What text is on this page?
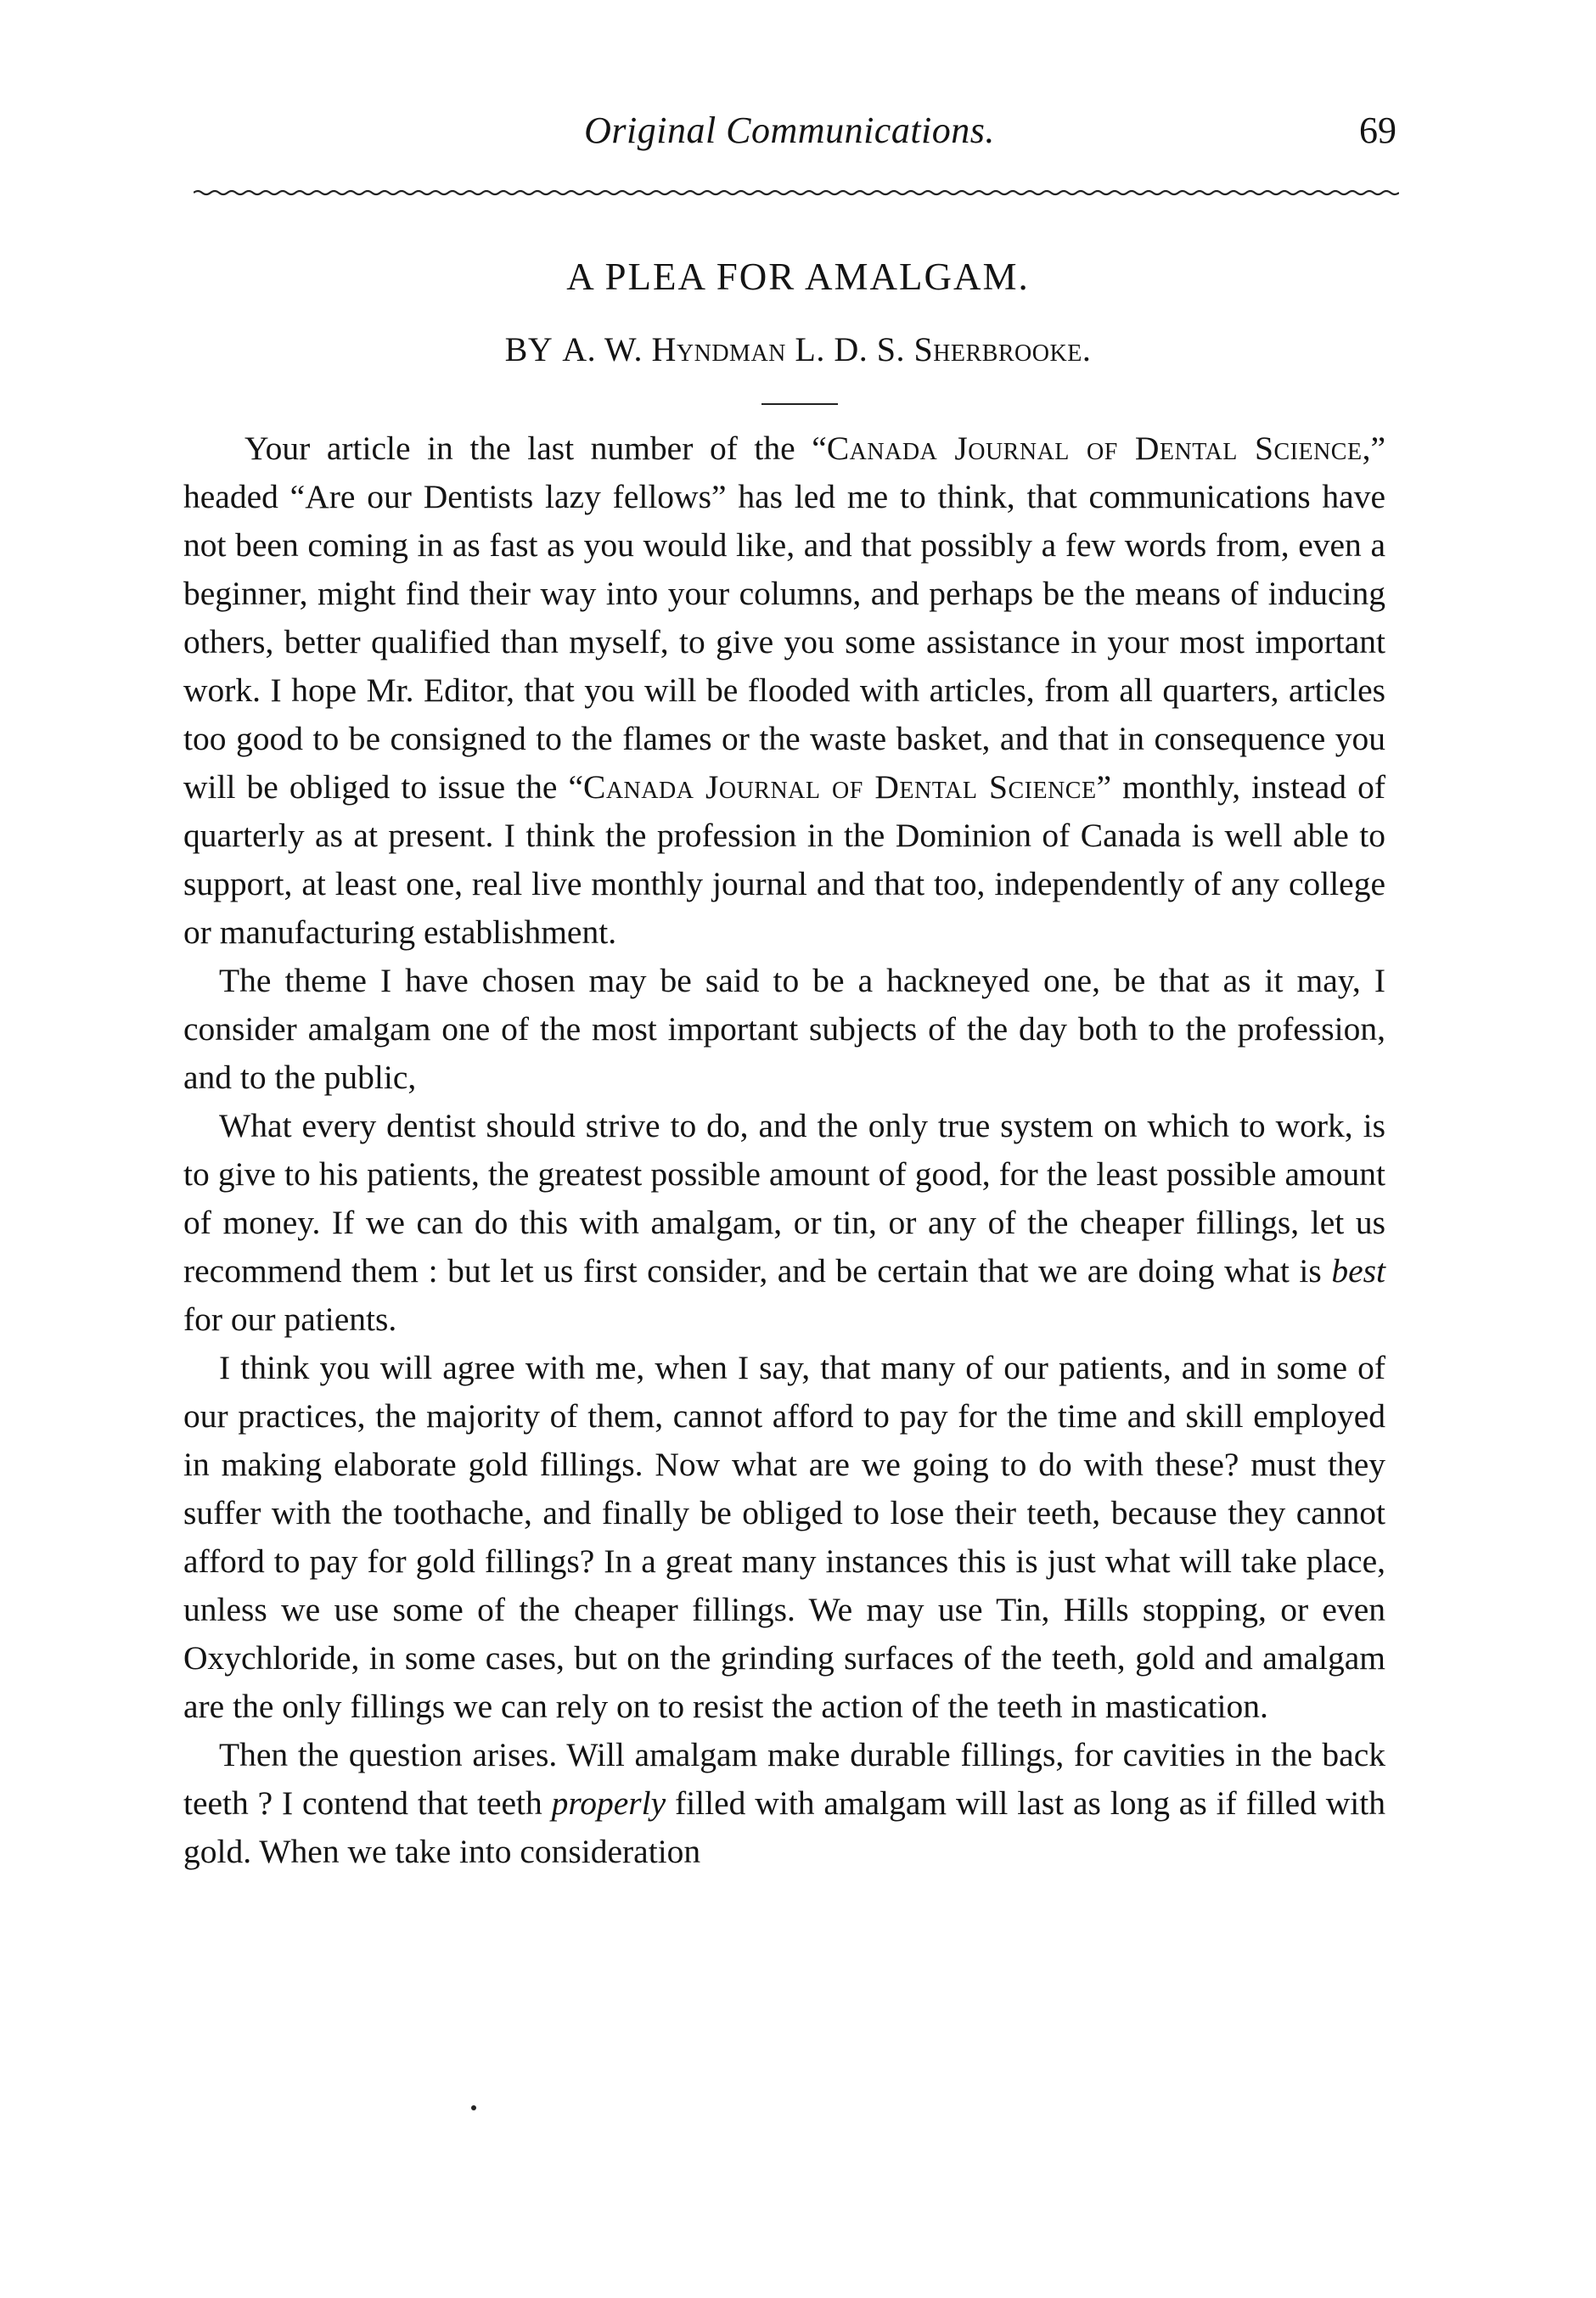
Original Communications.	69
A PLEA FOR AMALGAM.
BY A. W. Hyndman L. D. S. Sherbrooke.

Your article in the last number of the “Canada Journal of Dental Science,” headed “Are our Dentists lazy fellows” has led me to think, that communications have not been coming in as fast as you would like, and that possibly a few words from, even a beginner, might find their way into your columns, and perhaps be the means of inducing others, better qualified than myself, to give you some assistance in your most important work. I hope Mr. Editor, that you will be flooded with articles, from all quarters, articles too good to be consigned to the flames or the waste basket, and that in consequence you will be obliged to issue the “Canada Journal of Dental Science” monthly, instead of quarterly as at present. I think the profession in the Dominion of Canada is well able to support, at least one, real live monthly journal and that too, independently of any college or manufacturing establishment.

The theme I have chosen may be said to be a hackneyed one, be that as it may, I consider amalgam one of the most important subjects of the day both to the profession, and to the public,

What every dentist should strive to do, and the only true system on which to work, is to give to his patients, the greatest possible amount of good, for the least possible amount of money. If we can do this with amalgam, or tin, or any of the cheaper fillings, let us recommend them : but let us first consider, and be certain that we are doing what is best for our patients.

I think you will agree with me, when I say, that many of our patients, and in some of our practices, the majority of them, cannot afford to pay for the time and skill employed in making elaborate gold fillings. Now what are we going to do with these? must they suffer with the toothache, and finally be obliged to lose their teeth, because they cannot afford to pay for gold fillings? In a great many instances this is just what will take place, unless we use some of the cheaper fillings. We may use Tin, Hills stopping, or even Oxychloride, in some cases, but on the grinding surfaces of the teeth, gold and amalgam are the only fillings we can rely on to resist the action of the teeth in mastication.

Then the question arises. Will amalgam make durable fillings, for cavities in the back teeth ? I contend that teeth properly filled with amalgam will last as long as if filled with gold. When we take into consideration
